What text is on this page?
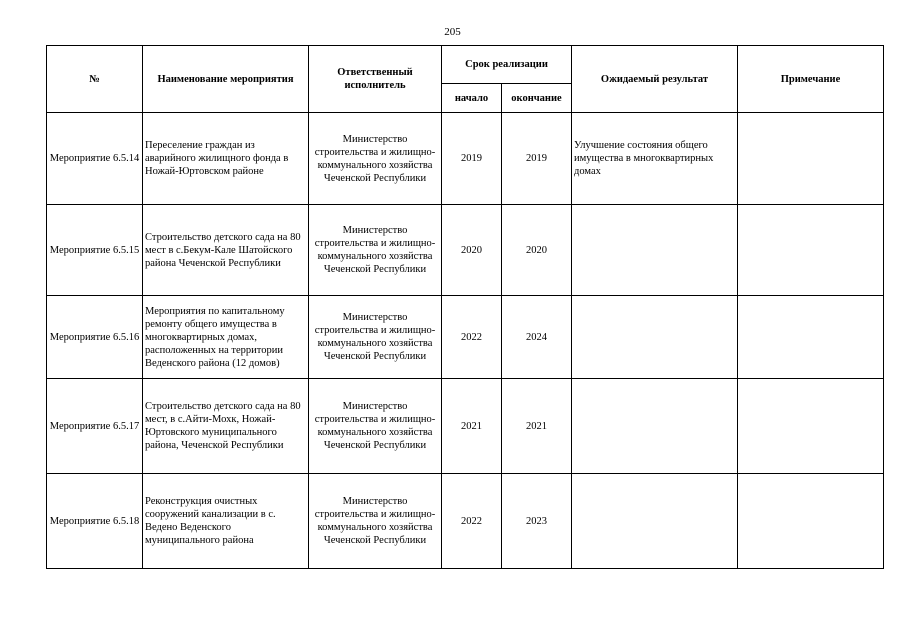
205
№	Наименование мероприятия	Ответственный исполнитель	Срок реализации		Ожидаемый результат	Примечание
			начало	окончание		
Мероприятие 6.5.14	Переселение граждан из аварийного жилищного фонда в Ножай-Юртовском районе	Министерство строительства и жилищно-коммунального хозяйства Чеченской Республики	2019	2019	Улучшение состояния общего имущества в многоквартирных домах	
Мероприятие 6.5.15	Строительство детского сада на 80 мест в с.Бекум-Кале Шатойского района Чеченской Республики	Министерство строительства и жилищно-коммунального хозяйства Чеченской Республики	2020	2020		
Мероприятие 6.5.16	Мероприятия по капитальному ремонту общего имущества в многоквартирных домах, расположенных на территории Веденского района (12 домов)	Министерство строительства и жилищно-коммунального хозяйства Чеченской Республики	2022	2024		
Мероприятие 6.5.17	Строительство детского сада на 80 мест, в с.Айти-Мохк, Ножай- Юртовского муниципального района, Чеченской Республики	Министерство строительства и жилищно-коммунального хозяйства Чеченской Республики	2021	2021		
Мероприятие 6.5.18	Реконструкция очистных сооружений канализации в с. Ведено Веденского муниципального района	Министерство строительства и жилищно-коммунального хозяйства Чеченской Республики	2022	2023		
